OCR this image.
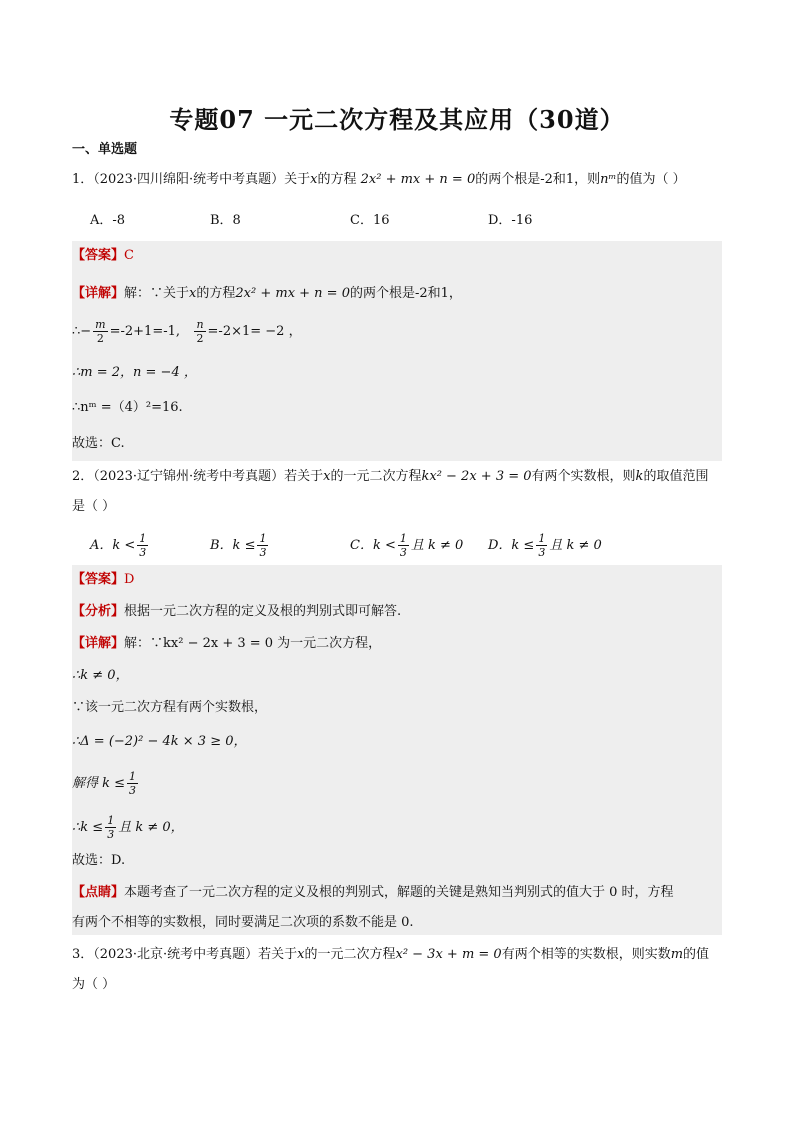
专题07 一元二次方程及其应用（30道）
一、单选题
1．（2023·四川绵阳·统考中考真题）关于x的方程 2x² + mx + n = 0的两个根是-2和1，则nᵐ的值为（ ）
A．-8	B．8	C．16	D．-16
【答案】C
【详解】解：∵关于x的方程2x² + mx + n = 0的两个根是-2和1，
∴− $\frac{m}{2} =-2+1=-1$, $\frac{n}{2} =-2\times 1= -2$ ，
∴m = 2，n = −4 ，
∴nᵐ =（4）²=16.
故选：C.
2．（2023·辽宁锦州·统考中考真题）若关于x的一元二次方程kx² − 2x + 3 = 0有两个实数根，则k的取值范围
是（ ）
A．$k < \frac{1}{3}$	B．$k \le \frac{1}{3}$	C．$k < \frac{1}{3}$ 且 k ≠ 0 D．$k \le \frac{1}{3}$ 且 k ≠ 0
【答案】D
【分析】根据一元二次方程的定义及根的判别式即可解答.
【详解】解：∵kx² − 2x + 3 = 0 为一元二次方程，
∴k ≠ 0，
∵该一元二次方程有两个实数根，
∴Δ = (−2)² − 4k × 3 ≥ 0，
解得 $k \le \frac{1}{3}$
∴k ≤ $\frac{1}{3}$ 且 k ≠ 0，
故选：D.
【点睛】本题考查了一元二次方程的定义及根的判别式，解题的关键是熟知当判别式的值大于 0 时，方程
有两个不相等的实数根，同时要满足二次项的系数不能是 0.
3．（2023·北京·统考中考真题）若关于x的一元二次方程x² − 3x + m = 0有两个相等的实数根，则实数m的值
为（ ）
